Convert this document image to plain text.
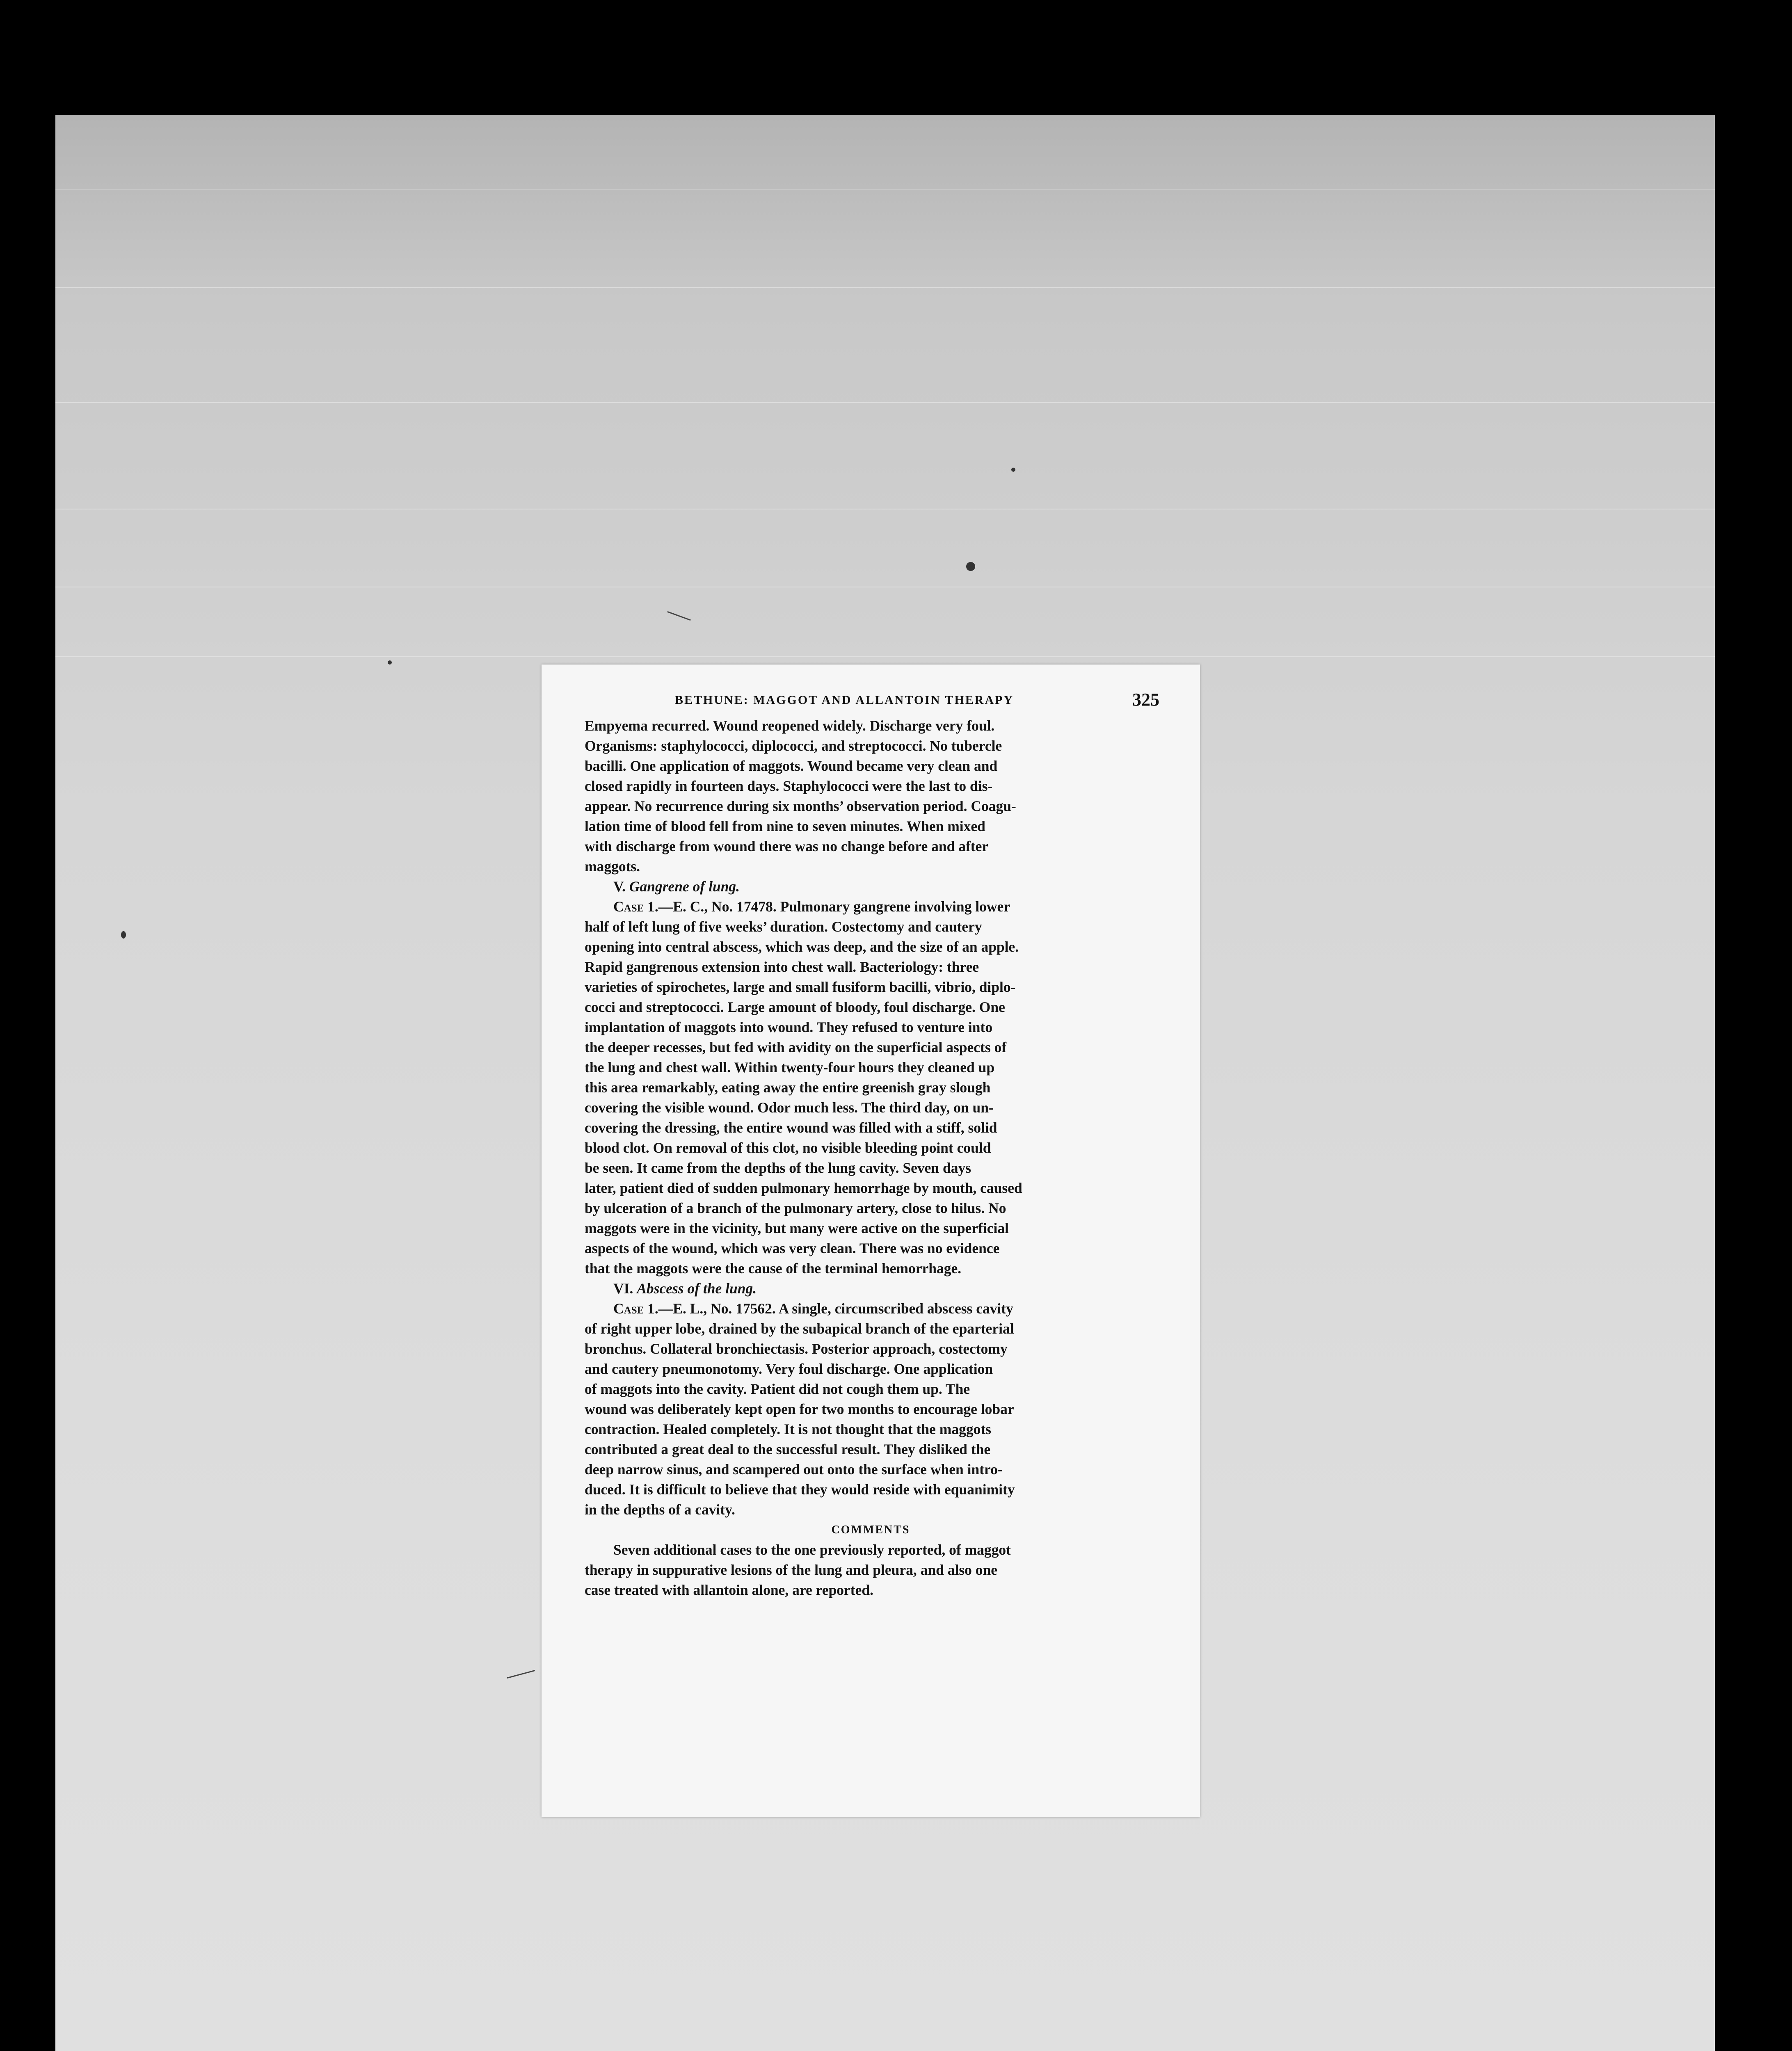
BETHUNE: MAGGOT AND ALLANTOIN THERAPY	325
Empyema recurred. Wound reopened widely. Discharge very foul.
Organisms: staphylococci, diplococci, and streptococci. No tubercle
bacilli. One application of maggots. Wound became very clean and
closed rapidly in fourteen days. Staphylococci were the last to dis-
appear. No recurrence during six months’ observation period. Coagu-
lation time of blood fell from nine to seven minutes. When mixed
with discharge from wound there was no change before and after
maggots.
V. Gangrene of lung.
Case 1.—E. C., No. 17478. Pulmonary gangrene involving lower
half of left lung of five weeks’ duration. Costectomy and cautery
opening into central abscess, which was deep, and the size of an apple.
Rapid gangrenous extension into chest wall. Bacteriology: three
varieties of spirochetes, large and small fusiform bacilli, vibrio, diplo-
cocci and streptococci. Large amount of bloody, foul discharge. One
implantation of maggots into wound. They refused to venture into
the deeper recesses, but fed with avidity on the superficial aspects of
the lung and chest wall. Within twenty-four hours they cleaned up
this area remarkably, eating away the entire greenish gray slough
covering the visible wound. Odor much less. The third day, on un-
covering the dressing, the entire wound was filled with a stiff, solid
blood clot. On removal of this clot, no visible bleeding point could
be seen. It came from the depths of the lung cavity. Seven days
later, patient died of sudden pulmonary hemorrhage by mouth, caused
by ulceration of a branch of the pulmonary artery, close to hilus. No
maggots were in the vicinity, but many were active on the superficial
aspects of the wound, which was very clean. There was no evidence
that the maggots were the cause of the terminal hemorrhage.
VI. Abscess of the lung.
Case 1.—E. L., No. 17562. A single, circumscribed abscess cavity
of right upper lobe, drained by the subapical branch of the eparterial
bronchus. Collateral bronchiectasis. Posterior approach, costectomy
and cautery pneumonotomy. Very foul discharge. One application
of maggots into the cavity. Patient did not cough them up. The
wound was deliberately kept open for two months to encourage lobar
contraction. Healed completely. It is not thought that the maggots
contributed a great deal to the successful result. They disliked the
deep narrow sinus, and scampered out onto the surface when intro-
duced. It is difficult to believe that they would reside with equanimity
in the depths of a cavity.
COMMENTS
Seven additional cases to the one previously reported, of maggot
therapy in suppurative lesions of the lung and pleura, and also one
case treated with allantoin alone, are reported.
